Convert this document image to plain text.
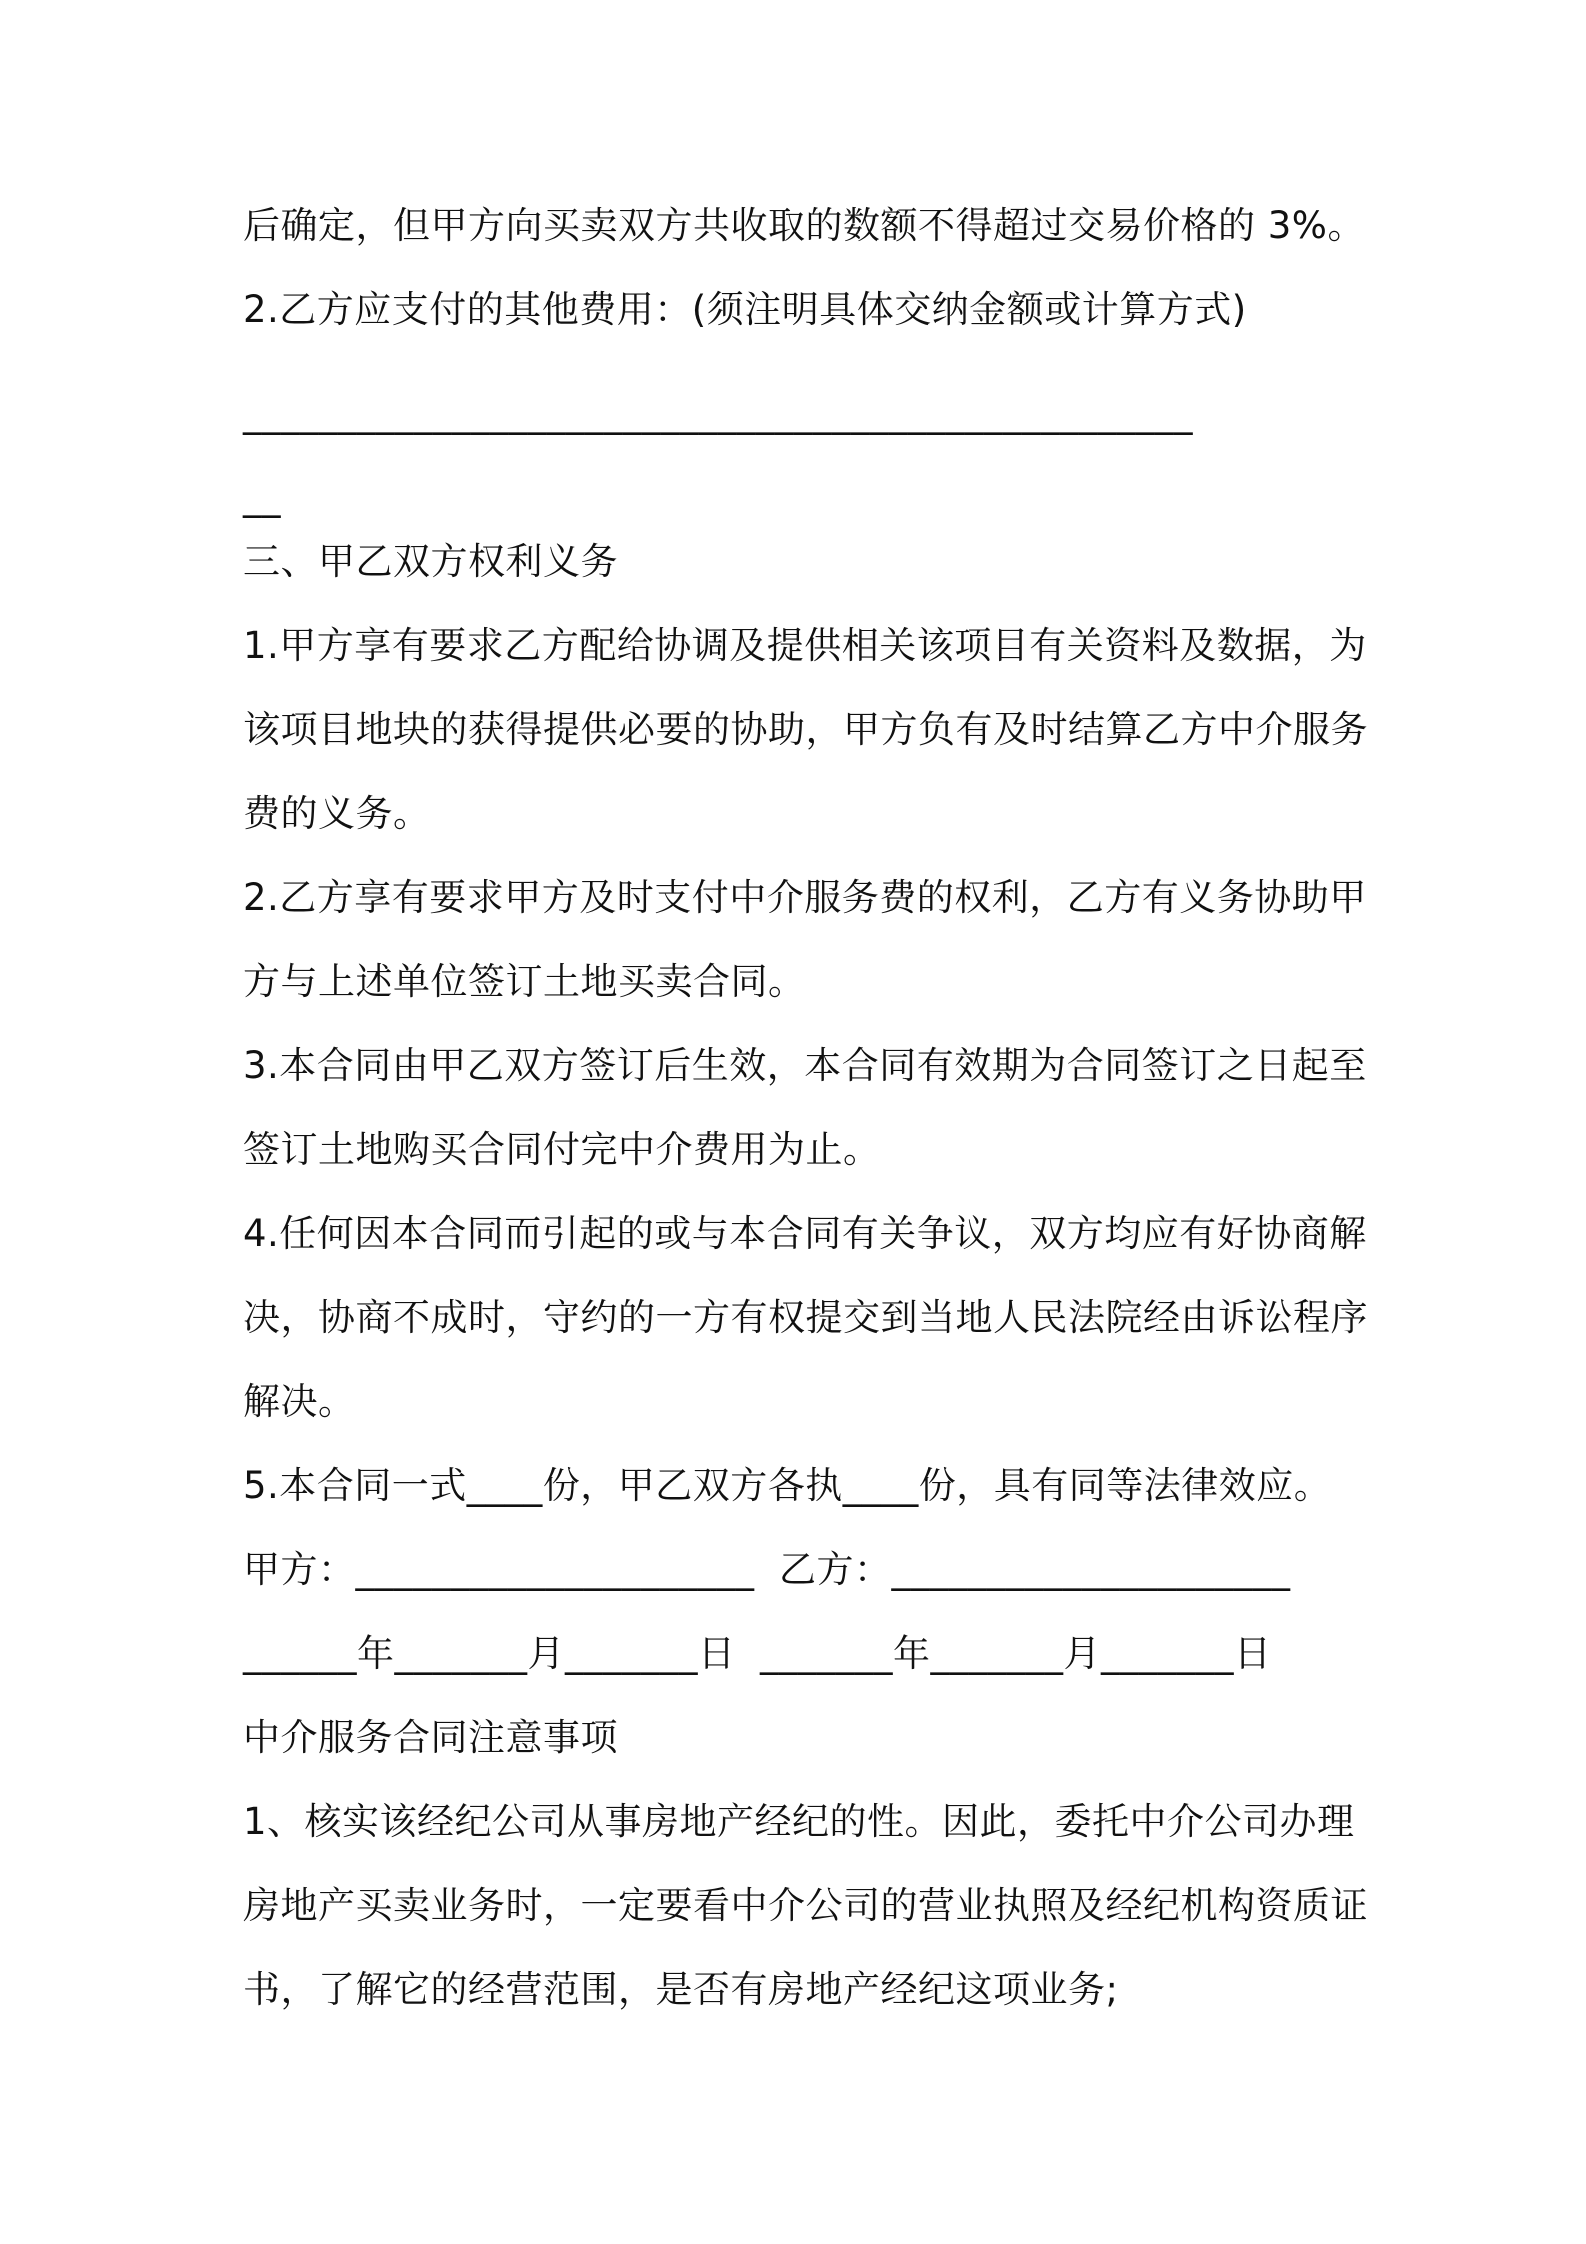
后确定，但甲方向买卖双方共收取的数额不得超过交易价格的 3%。
2.乙方应支付的其他费用：(须注明具体交纳金额或计算方式)
__________________________________________________
__
三、甲乙双方权利义务
1.甲方享有要求乙方配给协调及提供相关该项目有关资料及数据，为
该项目地块的获得提供必要的协助，甲方负有及时结算乙方中介服务
费的义务。
2.乙方享有要求甲方及时支付中介服务费的权利，乙方有义务协助甲
方与上述单位签订土地买卖合同。
3.本合同由甲乙双方签订后生效，本合同有效期为合同签订之日起至
签订土地购买合同付完中介费用为止。
4.任何因本合同而引起的或与本合同有关争议，双方均应有好协商解
决，协商不成时，守约的一方有权提交到当地人民法院经由诉讼程序
解决。
5.本合同一式____份，甲乙双方各执____份，具有同等法律效应。
甲方：_____________________  乙方：_____________________
______年_______月_______日  _______年_______月_______日
中介服务合同注意事项
1、核实该经纪公司从事房地产经纪的性。因此，委托中介公司办理
房地产买卖业务时，一定要看中介公司的营业执照及经纪机构资质证
书，了解它的经营范围，是否有房地产经纪这项业务;
